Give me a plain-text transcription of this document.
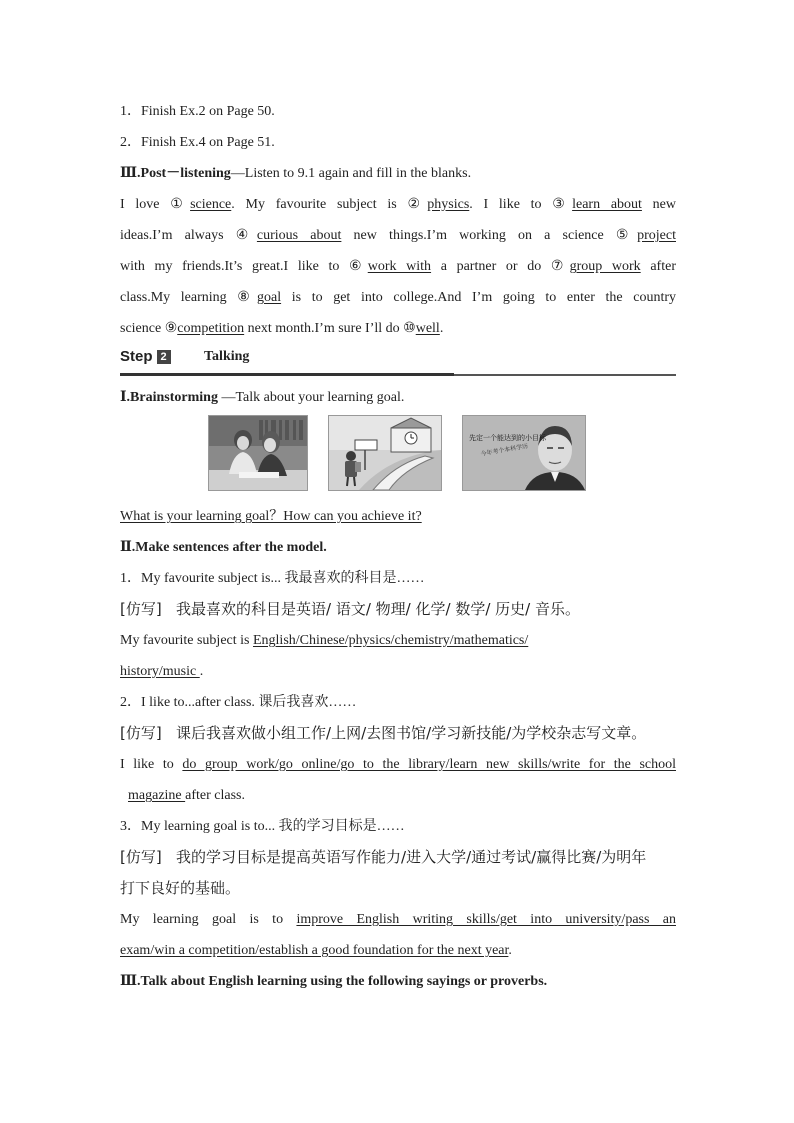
1．Finish Ex.2 on Page 50.
2．Finish Ex.4 on Page 51.
Ⅲ.Post－listening—Listen to 9.1 again and fill in the blanks.
I love ①science. My favourite subject is ②physics. I like to ③learn about new
ideas.I’m always ④curious about new things.I’m working on a science ⑤project
with my friends.It’s great.I like to ⑥work with a partner or do ⑦group work after
class.My learning ⑧goal is to get into college.And I’m going to enter the country
science ⑨competition next month.I’m sure I’ll do ⑩well.
Step 2	Talking
Ⅰ.Brainstorming —Talk about your learning goal.
先定一个能达到的小目标
今年考个本科学历
What is your learning goal？How can you achieve it?
Ⅱ.Make sentences after the model.
1．My favourite subject is... 我最喜欢的科目是……
[仿写] 我最喜欢的科目是英语/ 语文/ 物理/ 化学/ 数学/ 历史/ 音乐。
My favourite subject is English/Chinese/physics/chemistry/mathematics/
history/music .
2．I like to...after class. 课后我喜欢……
[仿写] 课后我喜欢做小组工作/上网/去图书馆/学习新技能/为学校杂志写文章。
I like to do group work/go online/go to the library/learn new skills/write for the school
magazine after class.
3．My learning goal is to... 我的学习目标是……
[仿写] 我的学习目标是提高英语写作能力/进入大学/通过考试/赢得比赛/为明年
打下良好的基础。
My learning goal is to improve English writing skills/get into university/pass an
exam/win a competition/establish a good foundation for the next year.
Ⅲ.Talk about English learning using the following sayings or proverbs.
